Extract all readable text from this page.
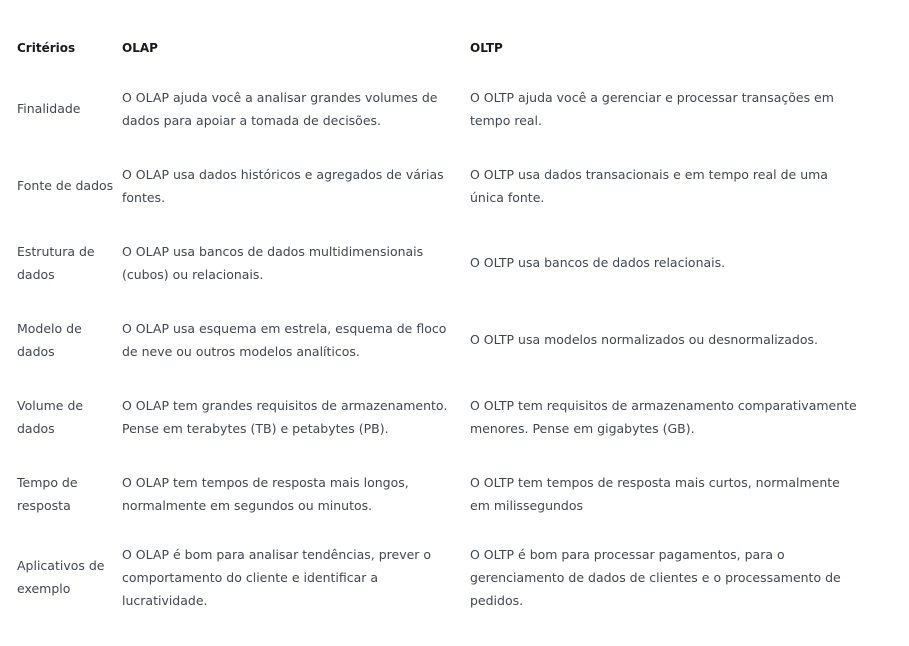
Critérios	OLAP	OLTP
Finalidade	O OLAP ajuda você a analisar grandes volumes de dados para apoiar a tomada de decisões.	O OLTP ajuda você a gerenciar e processar transações em tempo real.
Fonte de dados	O OLAP usa dados históricos e agregados de várias fontes.	O OLTP usa dados transacionais e em tempo real de uma única fonte.
Estrutura de dados	O OLAP usa bancos de dados multidimensionais (cubos) ou relacionais.	O OLTP usa bancos de dados relacionais.
Modelo de dados	O OLAP usa esquema em estrela, esquema de floco de neve ou outros modelos analíticos.	O OLTP usa modelos normalizados ou desnormalizados.
Volume de dados	O OLAP tem grandes requisitos de armazenamento. Pense em terabytes (TB) e petabytes (PB).	O OLTP tem requisitos de armazenamento comparativamente menores. Pense em gigabytes (GB).
Tempo de resposta	O OLAP tem tempos de resposta mais longos, normalmente em segundos ou minutos.	O OLTP tem tempos de resposta mais curtos, normalmente em milissegundos
Aplicativos de exemplo	O OLAP é bom para analisar tendências, prever o comportamento do cliente e identificar a lucratividade.	O OLTP é bom para processar pagamentos, para o gerenciamento de dados de clientes e o processamento de pedidos.
